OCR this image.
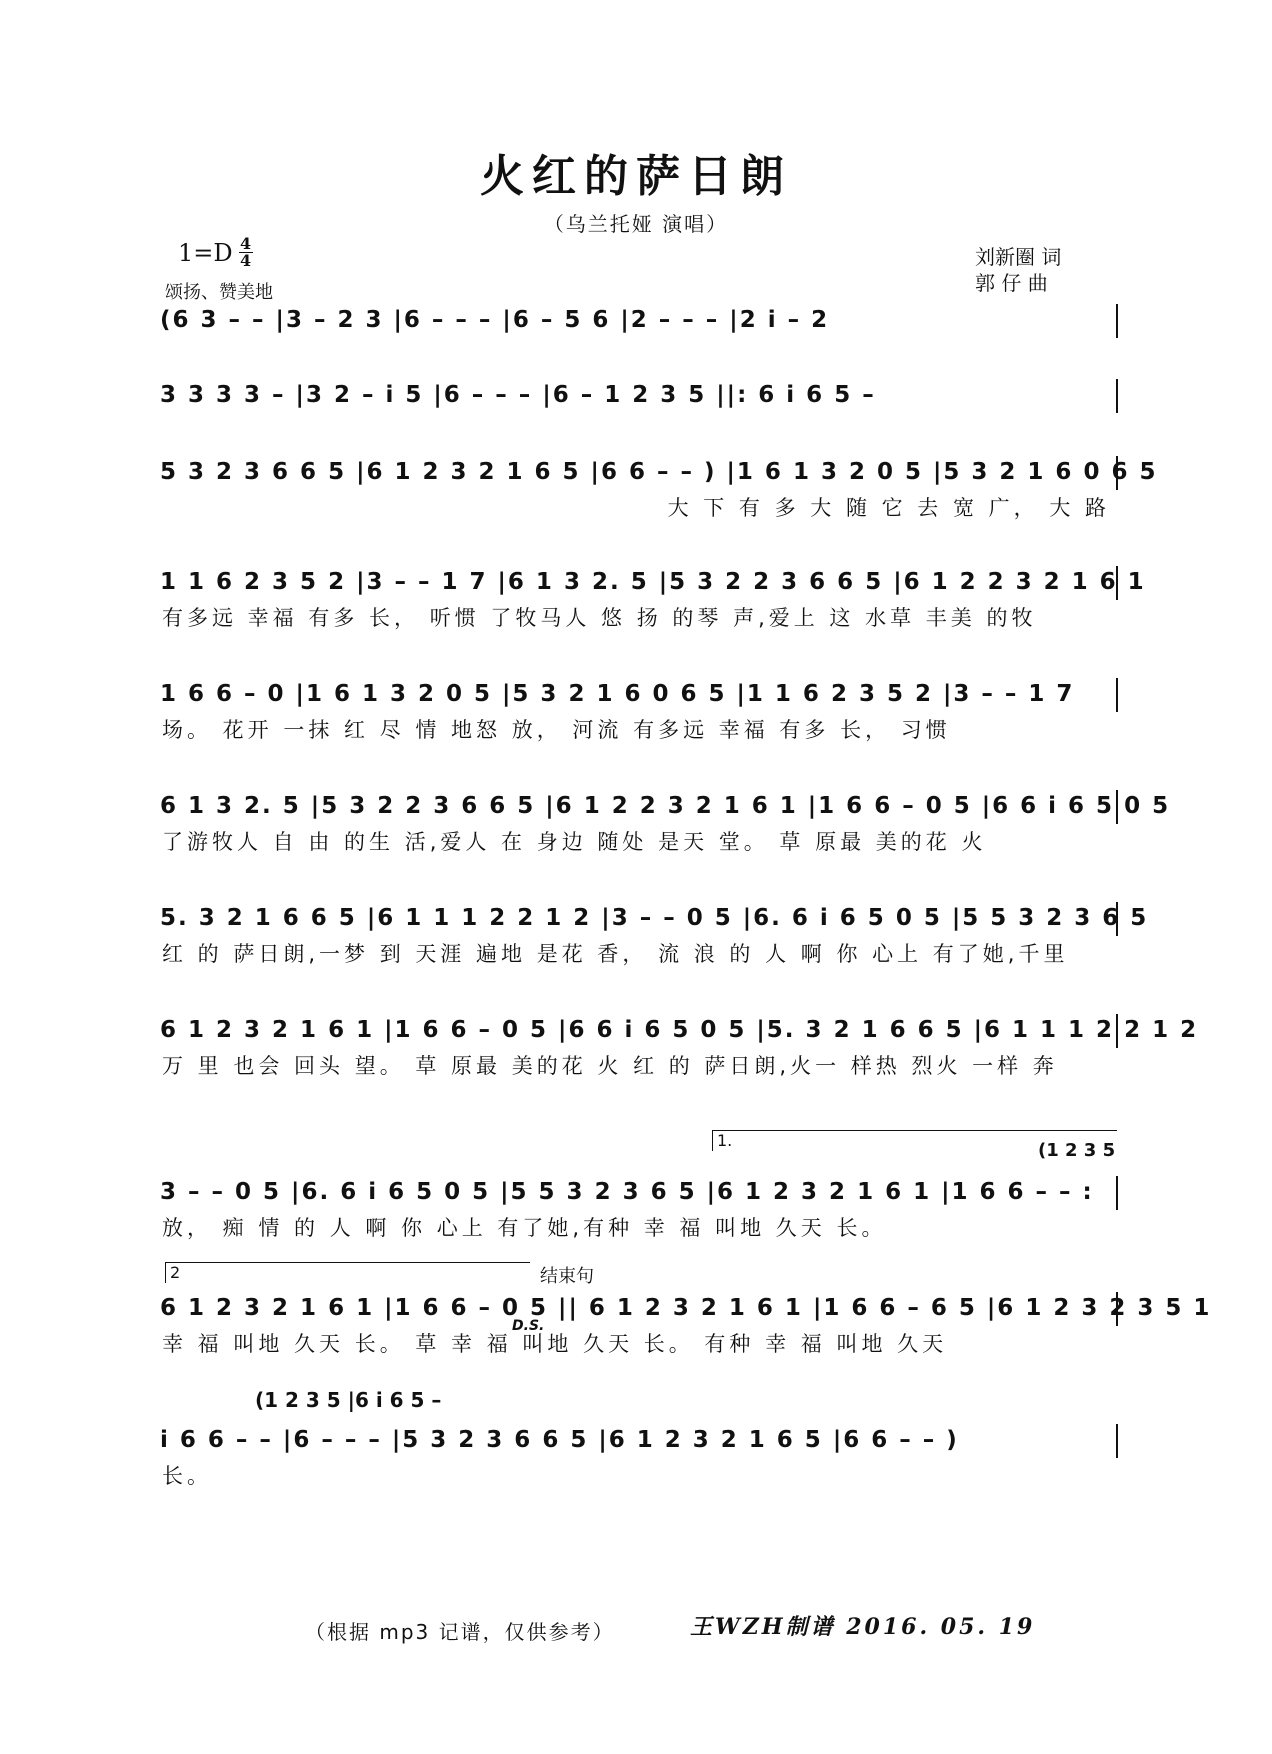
火红的萨日朗
（乌兰托娅 演唱）
1=D 4
4
颂扬、赞美地
刘新圈 词
郭 仔 曲
(6 3 – – |3 – 2 3 |6 – – – |6 – 5 6 |2 – – – |2 i – 2
3 3 3 3 – |3 2 – i 5 |6 – – – |6 – 1 2 3 5 ||: 6 i 6 5 –
5 3 2 3 6 6 5 |6 1 2 3 2 1 6 5 |6 6 – – ) |1 6 1 3 2 0 5 |5 3 2 1 6 0 6 5
大 下 有 多 大 随 它 去 宽 广， 大 路
1 1 6 2 3 5 2 |3 – – 1 7 |6 1 3 2. 5 |5 3 2 2 3 6 6 5 |6 1 2 2 3 2 1 6 1
有多远 幸福 有多 长， 听惯 了牧马人 悠 扬 的琴 声,爱上 这 水草 丰美 的牧
1 6 6 – 0 |1 6 1 3 2 0 5 |5 3 2 1 6 0 6 5 |1 1 6 2 3 5 2 |3 – – 1 7
场。 花开 一抹 红 尽 情 地怒 放， 河流 有多远 幸福 有多 长， 习惯
6 1 3 2. 5 |5 3 2 2 3 6 6 5 |6 1 2 2 3 2 1 6 1 |1 6 6 – 0 5 |6 6 i 6 5 0 5
了游牧人 自 由 的生 活,爱人 在 身边 随处 是天 堂。 草 原最 美的花 火
5. 3 2 1 6 6 5 |6 1 1 1 2 2 1 2 |3 – – 0 5 |6. 6 i 6 5 0 5 |5 5 3 2 3 6 5
红 的 萨日朗,一梦 到 天涯 遍地 是花 香， 流 浪 的 人 啊 你 心上 有了她,千里
6 1 2 3 2 1 6 1 |1 6 6 – 0 5 |6 6 i 6 5 0 5 |5. 3 2 1 6 6 5 |6 1 1 1 2 2 1 2
万 里 也会 回头 望。 草 原最 美的花 火 红 的 萨日朗,火一 样热 烈火 一样 奔
1.	(1 2 3 5
3 – – 0 5 |6. 6 i 6 5 0 5 |5 5 3 2 3 6 5 |6 1 2 3 2 1 6 1 |1 6 6 – – :
放， 痴 情 的 人 啊 你 心上 有了她,有种 幸 福 叫地 久天 长。
2	结束句
D.S.
6 1 2 3 2 1 6 1 |1 6 6 – 0 5 || 6 1 2 3 2 1 6 1 |1 6 6 – 6 5 |6 1 2 3 2 3 5 1
幸 福 叫地 久天 长。 草 幸 福 叫地 久天 长。 有种 幸 福 叫地 久天
(1 2 3 5 |6 i 6 5 –
i 6 6 – – |6 – – – |5 3 2 3 6 6 5 |6 1 2 3 2 1 6 5 |6 6 – – )
长。
（根据 mp3 记谱，仅供参考）	王WZH制谱 2016. 05. 19
